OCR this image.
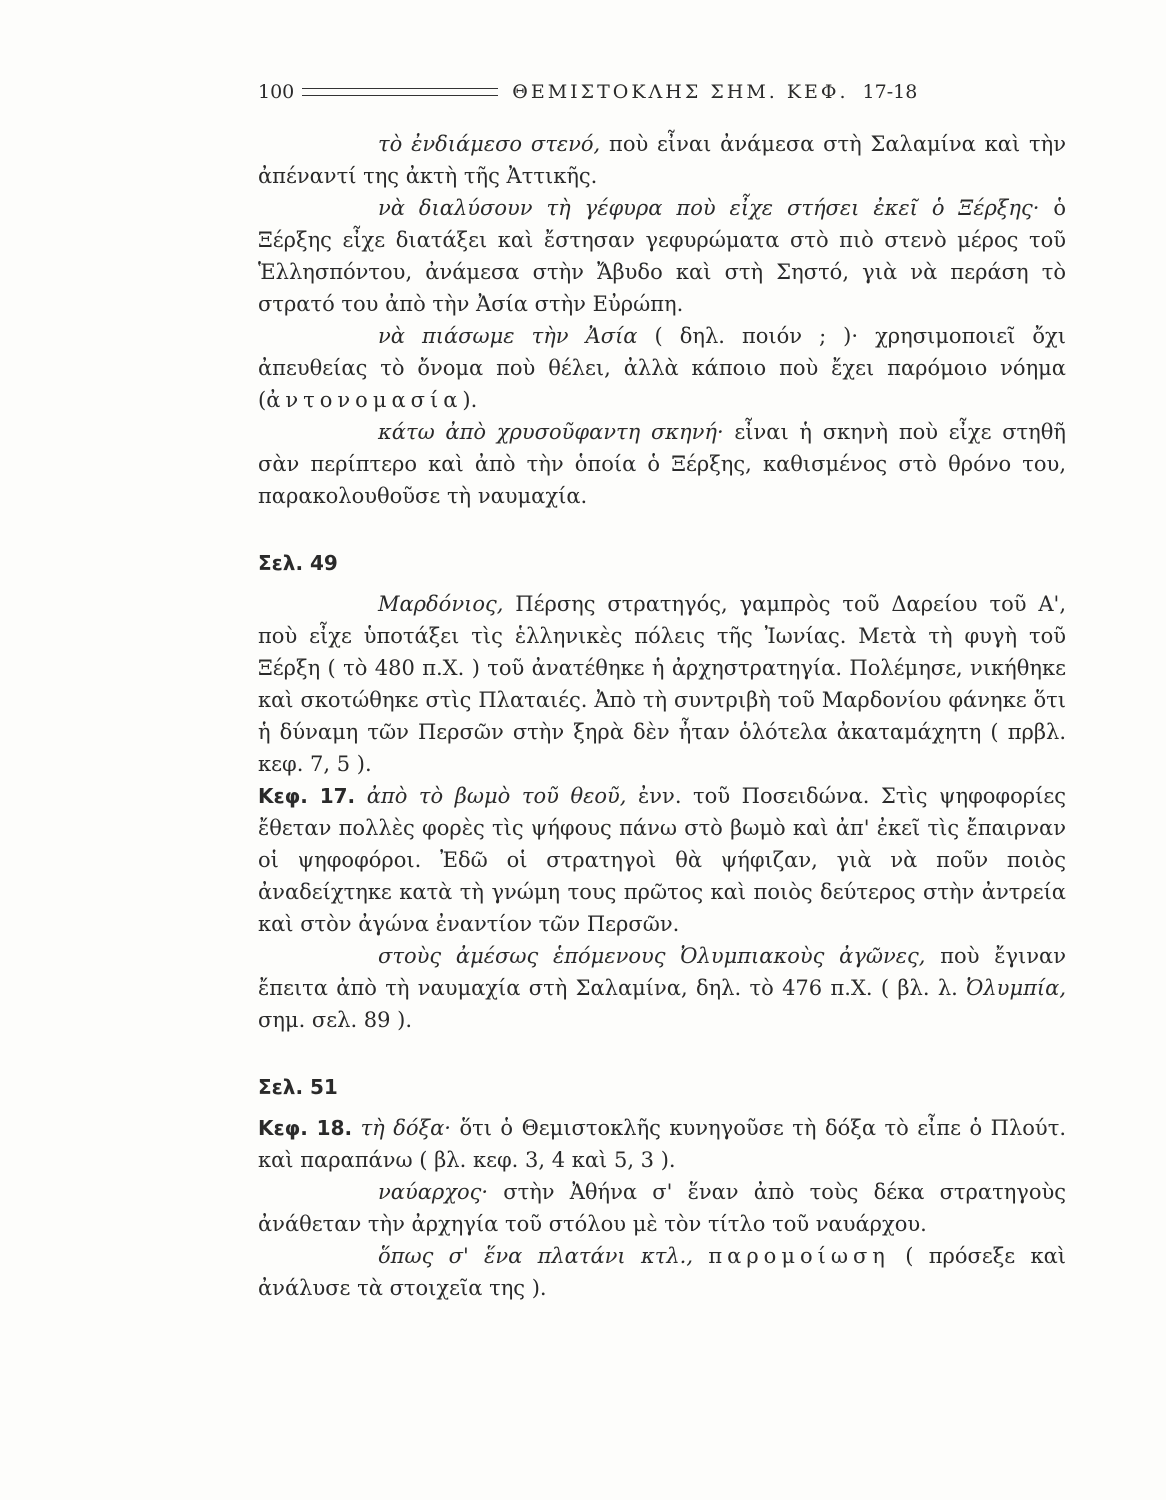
100	ΘΕΜΙΣΤΟΚΛΗΣ ΣΗΜ. ΚΕΦ. 17-18

τὸ ἐνδιάμεσο στενό, ποὺ εἶναι ἀνάμεσα στὴ Σαλαμίνα καὶ τὴν ἀπέναντί της ἀκτὴ τῆς Ἀττικῆς.

νὰ διαλύσουν τὴ γέφυρα ποὺ εἶχε στήσει ἐκεῖ ὁ Ξέρξης· ὁ Ξέρξης εἶχε διατάξει καὶ ἔστησαν γεφυρώματα στὸ πιὸ στενὸ μέρος τοῦ Ἑλλησπόντου, ἀνάμεσα στὴν Ἄβυδο καὶ στὴ Σηστό, γιὰ νὰ περάση τὸ στρατό του ἀπὸ τὴν Ἀσία στὴν Εὐρώπη.

νὰ πιάσωμε τὴν Ἀσία ( δηλ. ποιόν ; )· χρησιμοποιεῖ ὄχι ἀπευθείας τὸ ὄνομα ποὺ θέλει, ἀλλὰ κάποιο ποὺ ἔχει παρόμοιο νόημα (ἀντονομασία).

κάτω ἀπὸ χρυσοῦφαντη σκηνή· εἶναι ἡ σκηνὴ ποὺ εἶχε στηθῆ σὰν περίπτερο καὶ ἀπὸ τὴν ὁποία ὁ Ξέρξης, καθισμένος στὸ θρόνο του, παρακολουθοῦσε τὴ ναυμαχία.

Σελ. 49

Μαρδόνιος, Πέρσης στρατηγός, γαμπρὸς τοῦ Δαρείου τοῦ Α', ποὺ εἶχε ὑποτάξει τὶς ἑλληνικὲς πόλεις τῆς Ἰωνίας. Μετὰ τὴ φυγὴ τοῦ Ξέρξη ( τὸ 480 π.Χ. ) τοῦ ἀνατέθηκε ἡ ἀρχηστρατηγία. Πολέμησε, νικήθηκε καὶ σκοτώθηκε στὶς Πλαταιές. Ἀπὸ τὴ συντριβὴ τοῦ Μαρδονίου φάνηκε ὅτι ἡ δύναμη τῶν Περσῶν στὴν ξηρὰ δὲν ἦταν ὁλότελα ἀκαταμάχητη ( πρβλ. κεφ. 7, 5 ).

Κεφ. 17. ἀπὸ τὸ βωμὸ τοῦ θεοῦ, ἐνν. τοῦ Ποσειδώνα. Στὶς ψηφοφορίες ἔθεταν πολλὲς φορὲς τὶς ψήφους πάνω στὸ βωμὸ καὶ ἀπ' ἐκεῖ τὶς ἔπαιρναν οἱ ψηφοφόροι. Ἐδῶ οἱ στρατηγοὶ θὰ ψήφιζαν, γιὰ νὰ ποῦν ποιὸς ἀναδείχτηκε κατὰ τὴ γνώμη τους πρῶτος καὶ ποιὸς δεύτερος στὴν ἀντρεία καὶ στὸν ἀγώνα ἐναντίον τῶν Περσῶν.

στοὺς ἀμέσως ἑπόμενους Ὀλυμπιακοὺς ἀγῶνες, ποὺ ἔγιναν ἔπειτα ἀπὸ τὴ ναυμαχία στὴ Σαλαμίνα, δηλ. τὸ 476 π.Χ. ( βλ. λ. Ὀλυμπία, σημ. σελ. 89 ).

Σελ. 51

Κεφ. 18. τὴ δόξα· ὅτι ὁ Θεμιστοκλῆς κυνηγοῦσε τὴ δόξα τὸ εἶπε ὁ Πλούτ. καὶ παραπάνω ( βλ. κεφ. 3, 4 καὶ 5, 3 ).

ναύαρχος· στὴν Ἀθήνα σ' ἕναν ἀπὸ τοὺς δέκα στρατηγοὺς ἀνάθεταν τὴν ἀρχηγία τοῦ στόλου μὲ τὸν τίτλο τοῦ ναυάρχου.

ὅπως σ' ἕνα πλατάνι κτλ., παρομοίωση ( πρόσεξε καὶ ἀνάλυσε τὰ στοιχεῖα της ).
